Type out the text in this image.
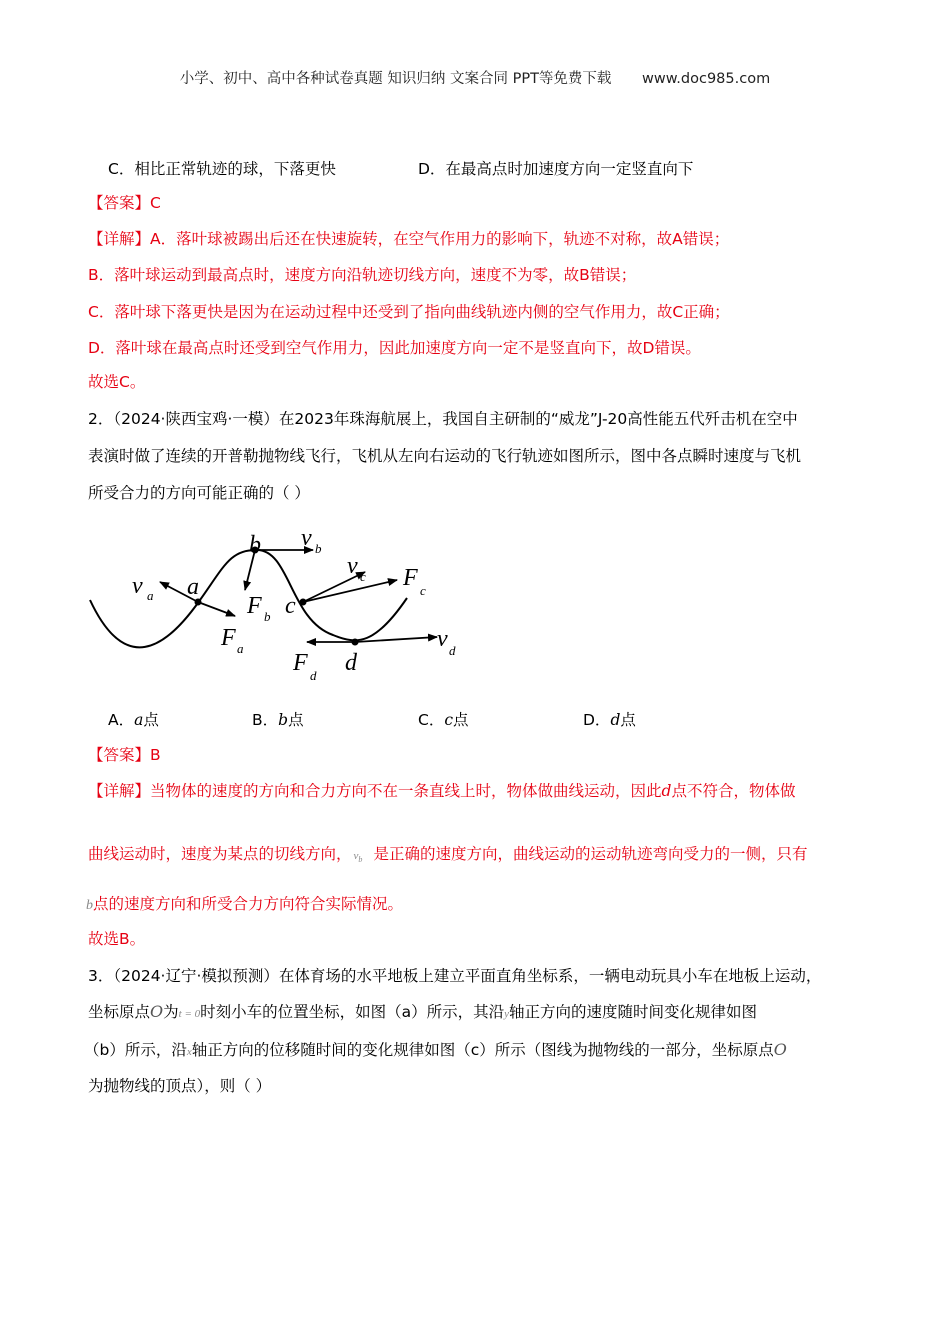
小学、初中、高中各种试卷真题 知识归纳 文案合同 PPT等免费下载 www.doc985.com
C．相比正常轨迹的球，下落更快	D．在最高点时加速度方向一定竖直向下
【答案】C
【详解】A．落叶球被踢出后还在快速旋转，在空气作用力的影响下，轨迹不对称，故A错误；
B．落叶球运动到最高点时，速度方向沿轨迹切线方向，速度不为零，故B错误；
C．落叶球下落更快是因为在运动过程中还受到了指向曲线轨迹内侧的空气作用力，故C正确；
D．落叶球在最高点时还受到空气作用力，因此加速度方向一定不是竖直向下，故D错误。
故选C。
2．（2024·陕西宝鸡·一模）在2023年珠海航展上，我国自主研制的“威龙”J-20高性能五代歼击机在空中
表演时做了连续的开普勒抛物线飞行，飞机从左向右运动的飞行轨迹如图所示，图中各点瞬时速度与飞机
所受合力的方向可能正确的（ ）
a
b
c
d
v a
F a
v b
F b
v c F c
v d
F d
A．a点	B．b点	C．c点	D．d点
【答案】B
【详解】当物体的速度的方向和合力方向不在一条直线上时，物体做曲线运动，因此d点不符合，物体做
曲线运动时，速度为某点的切线方向， $v_b$ 是正确的速度方向，曲线运动的运动轨迹弯向受力的一侧，只有
b点的速度方向和所受合力方向符合实际情况。
故选B。
3．（2024·辽宁·模拟预测）在体育场的水平地板上建立平面直角坐标系，一辆电动玩具小车在地板上运动，
坐标原点O为t = 0时刻小车的位置坐标，如图（a）所示，其沿y轴正方向的速度随时间变化规律如图
（b）所示，沿x轴正方向的位移随时间的变化规律如图（c）所示（图线为抛物线的一部分，坐标原点O
为抛物线的顶点），则（ ）
